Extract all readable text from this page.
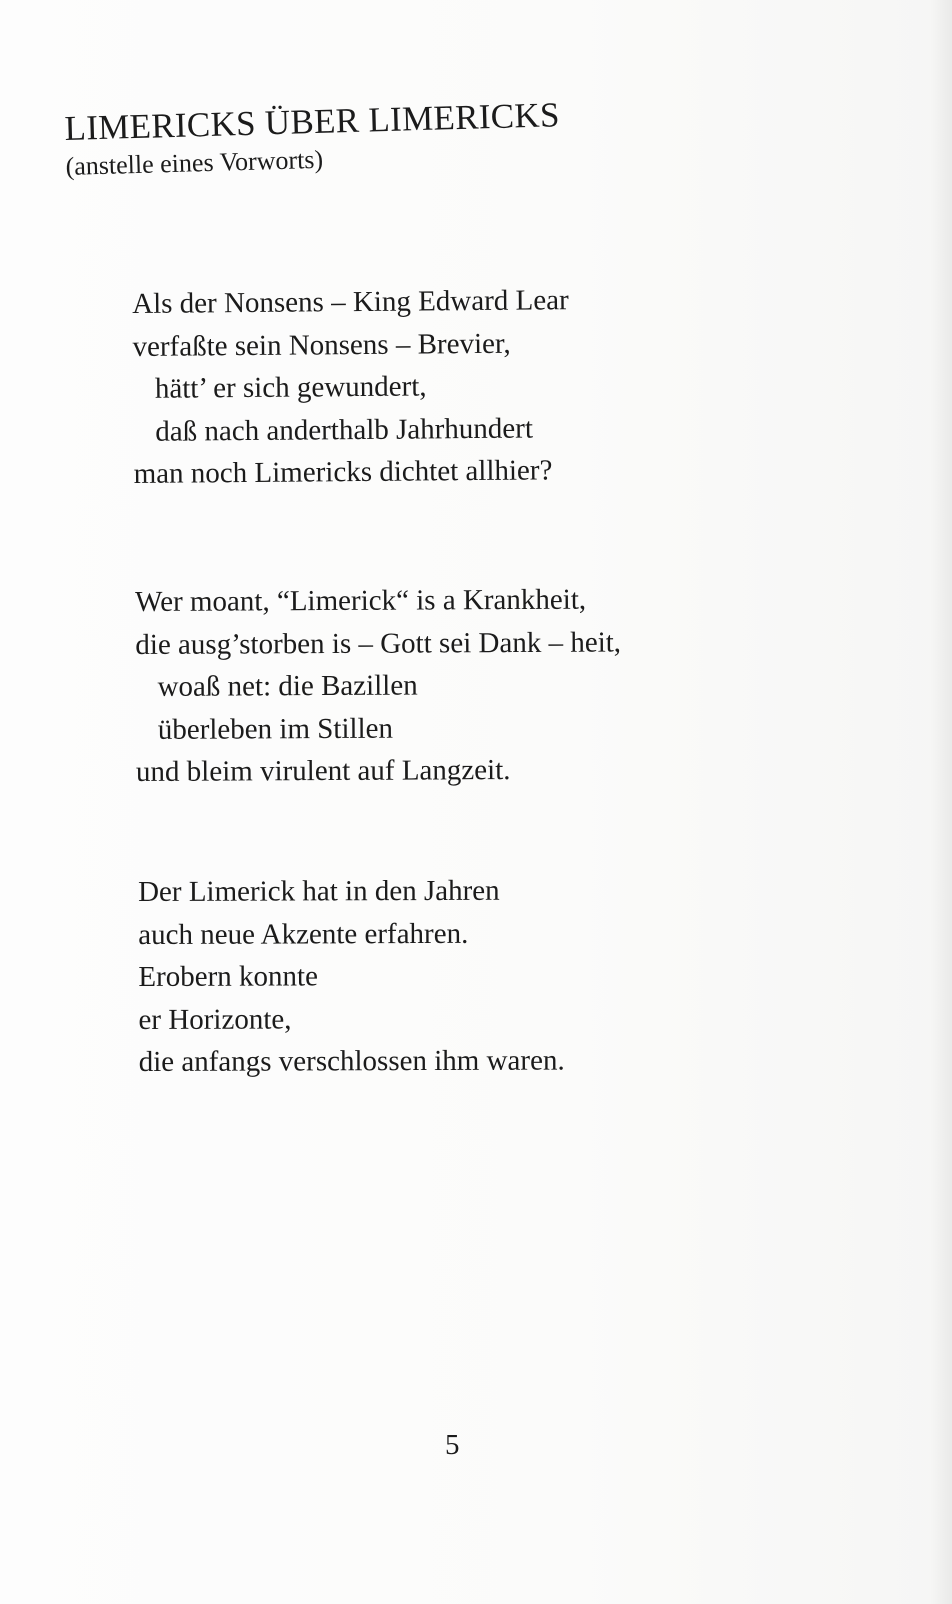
LIMERICKS ÜBER LIMERICKS
(anstelle eines Vorworts)
Als der Nonsens – King Edward Lear
verfaßte sein Nonsens – Brevier,
hätt’ er sich gewundert,
daß nach anderthalb Jahrhundert
man noch Limericks dichtet allhier?
Wer moant, “Limerick“ is a Krankheit,
die ausg’storben is – Gott sei Dank – heit,
woaß net: die Bazillen
überleben im Stillen
und bleim virulent auf Langzeit.
Der Limerick hat in den Jahren
auch neue Akzente erfahren.
Erobern konnte
er Horizonte,
die anfangs verschlossen ihm waren.
5
